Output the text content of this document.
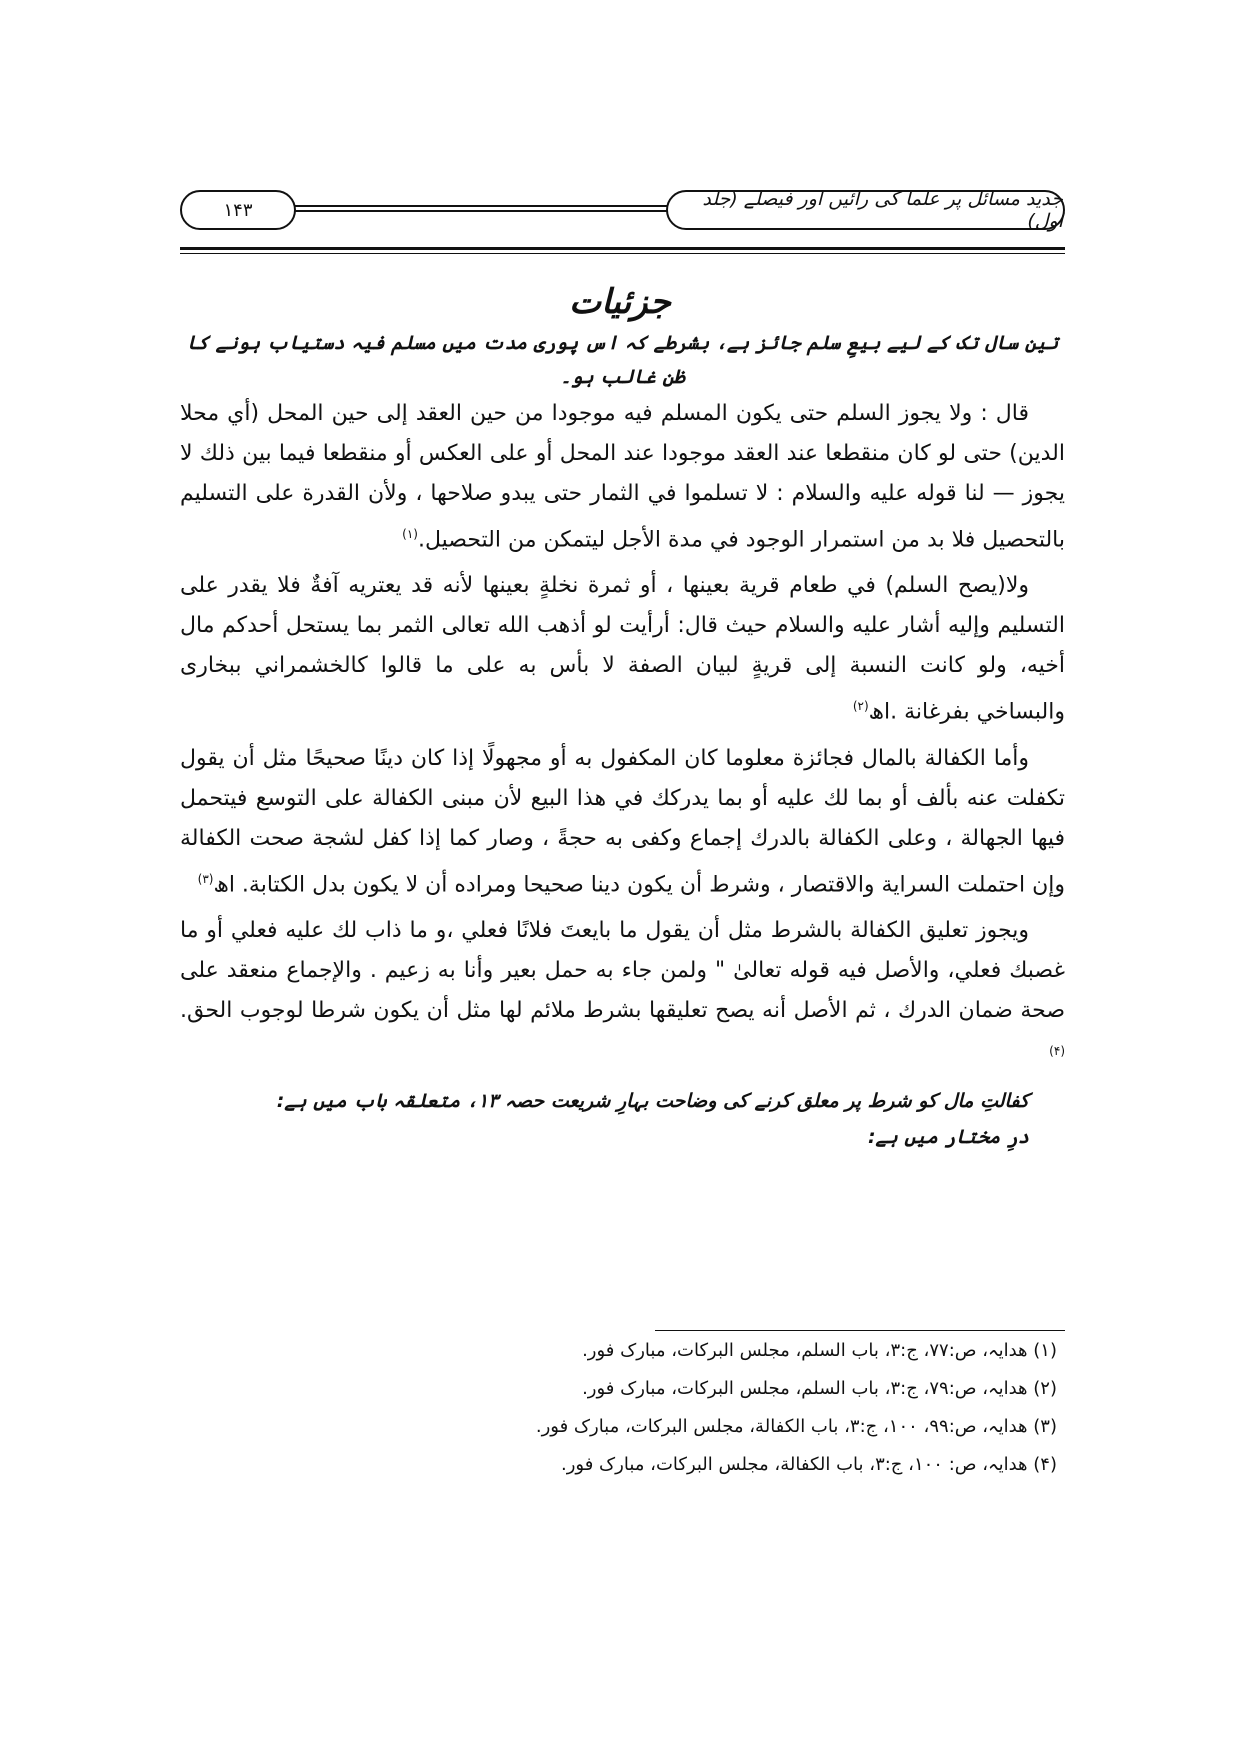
۱۴۳	جدید مسائل پر علما کی رائیں اور فیصلے (جلد اول)
جزئیات
تین سال تک کے لیے بیعِ سلم جائز ہے، بشرطے کہ اس پوری مدت میں مسلم فیہ دستیاب ہونے کا ظن غالب ہو۔

قال : ولا يجوز السلم حتى يكون المسلم فيه موجودا من حين العقد إلى حين المحل (أي محلا الدين) حتى لو كان منقطعا عند العقد موجودا عند المحل أو على العكس أو منقطعا فيما بين ذلك لا يجوز — لنا قوله عليه والسلام : لا تسلموا في الثمار حتى يبدو صلاحها ، ولأن القدرة على التسليم بالتحصيل فلا بد من استمرار الوجود في مدة الأجل ليتمكن من التحصيل.$^{(۱)}$

ولا(يصح السلم) في طعام قرية بعينها ، أو ثمرة نخلةٍ بعينها لأنه قد يعتريه آفةٌ فلا يقدر على التسليم وإليه أشار عليه والسلام حيث قال: أرأيت لو أذهب الله تعالى الثمر بما يستحل أحدكم مال أخيه، ولو كانت النسبة إلى قريةٍ لبيان الصفة لا بأس به على ما قالوا كالخشمراني ببخارى والبساخي بفرغانة .اھ$^{(۲)}$

وأما الكفالة بالمال فجائزة معلوما كان المكفول به أو مجهولًا إذا كان دينًا صحيحًا مثل أن يقول تكفلت عنه بألف أو بما لك عليه أو بما يدركك في هذا البيع لأن مبنى الكفالة على التوسع فيتحمل فيها الجهالة ، وعلى الكفالة بالدرك إجماع وكفى به حجةً ، وصار كما إذا كفل لشجة صحت الكفالة وإن احتملت السراية والاقتصار ، وشرط أن يكون دينا صحيحا ومراده أن لا يكون بدل الكتابة. اھ$^{(۳)}$

ويجوز تعليق الكفالة بالشرط مثل أن يقول ما بايعتَ فلانًا فعلي ،و ما ذاب لك عليه فعلي أو ما غصبك فعلي، والأصل فيه قوله تعالىٰ " ولمن جاء به حمل بعير وأنا به زعيم . والإجماع منعقد على صحة ضمان الدرك ، ثم الأصل أنه يصح تعليقها بشرط ملائم لها مثل أن يكون شرطا لوجوب الحق.$^{(۴)}$

کفالتِ مال کو شرط پر معلق کرنے کی وضاحت بہارِ شریعت حصہ ۱۳، متعلقہ باب میں ہے:
درِ مختار میں ہے:
(۱) ھدایہ، ص:۷۷، ج:۳، باب السلم، مجلس البرکات، مبارک فور.
(۲) ھدایہ، ص:۷۹، ج:۳، باب السلم، مجلس البرکات، مبارک فور.
(۳) ھدایہ، ص:۹۹، ۱۰۰، ج:۳، باب الکفالة، مجلس البرکات، مبارک فور.
(۴) ھدایہ، ص: ۱۰۰، ج:۳، باب الکفالة، مجلس البرکات، مبارک فور.
